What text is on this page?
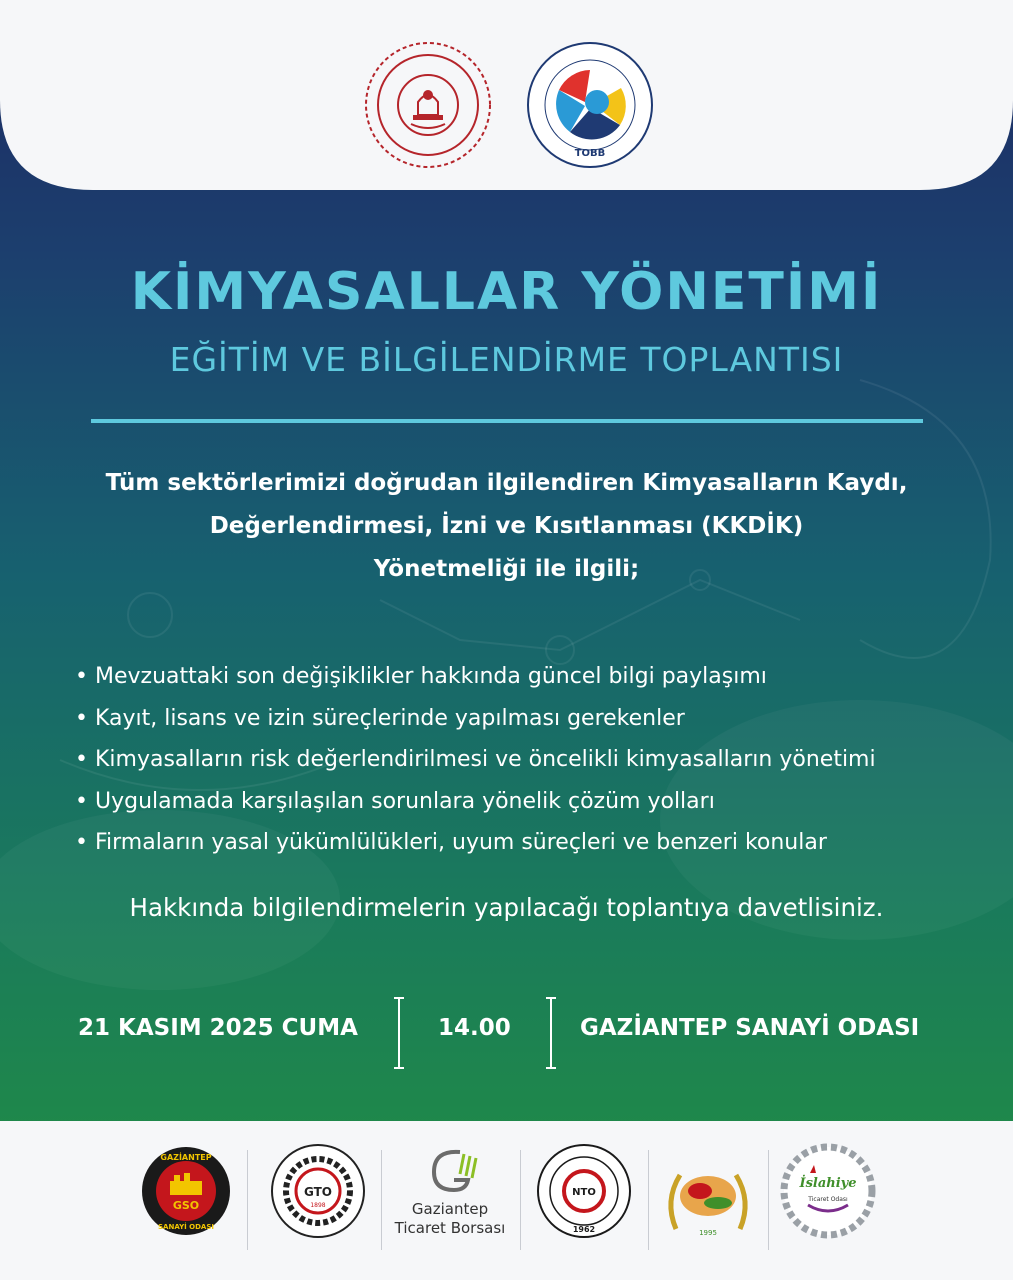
TOBB
KİMYASALLAR YÖNETİMİ
EĞİTİM VE BİLGİLENDİRME TOPLANTISI
Tüm sektörlerimizi doğrudan ilgilendiren Kimyasalların Kaydı,
Değerlendirmesi, İzni ve Kısıtlanması (KKDİK)
Yönetmeliği ile ilgili;
• Mevzuattaki son değişiklikler hakkında güncel bilgi paylaşımı
• Kayıt, lisans ve izin süreçlerinde yapılması gerekenler
• Kimyasalların risk değerlendirilmesi ve öncelikli kimyasalların yönetimi
• Uygulamada karşılaşılan sorunlara yönelik çözüm yolları
• Firmaların yasal yükümlülükleri, uyum süreçleri ve benzeri konular
Hakkında bilgilendirmelerin yapılacağı toplantıya davetlisiniz.
21 KASIM 2025 CUMA	14.00	GAZİANTEP SANAYİ ODASI
GSO
GAZİANTEP
SANAYİ ODASI
GTO
1898	Gaziantep
Ticaret Borsası
NTO
1962	1995
İslahiye
Ticaret Odası
